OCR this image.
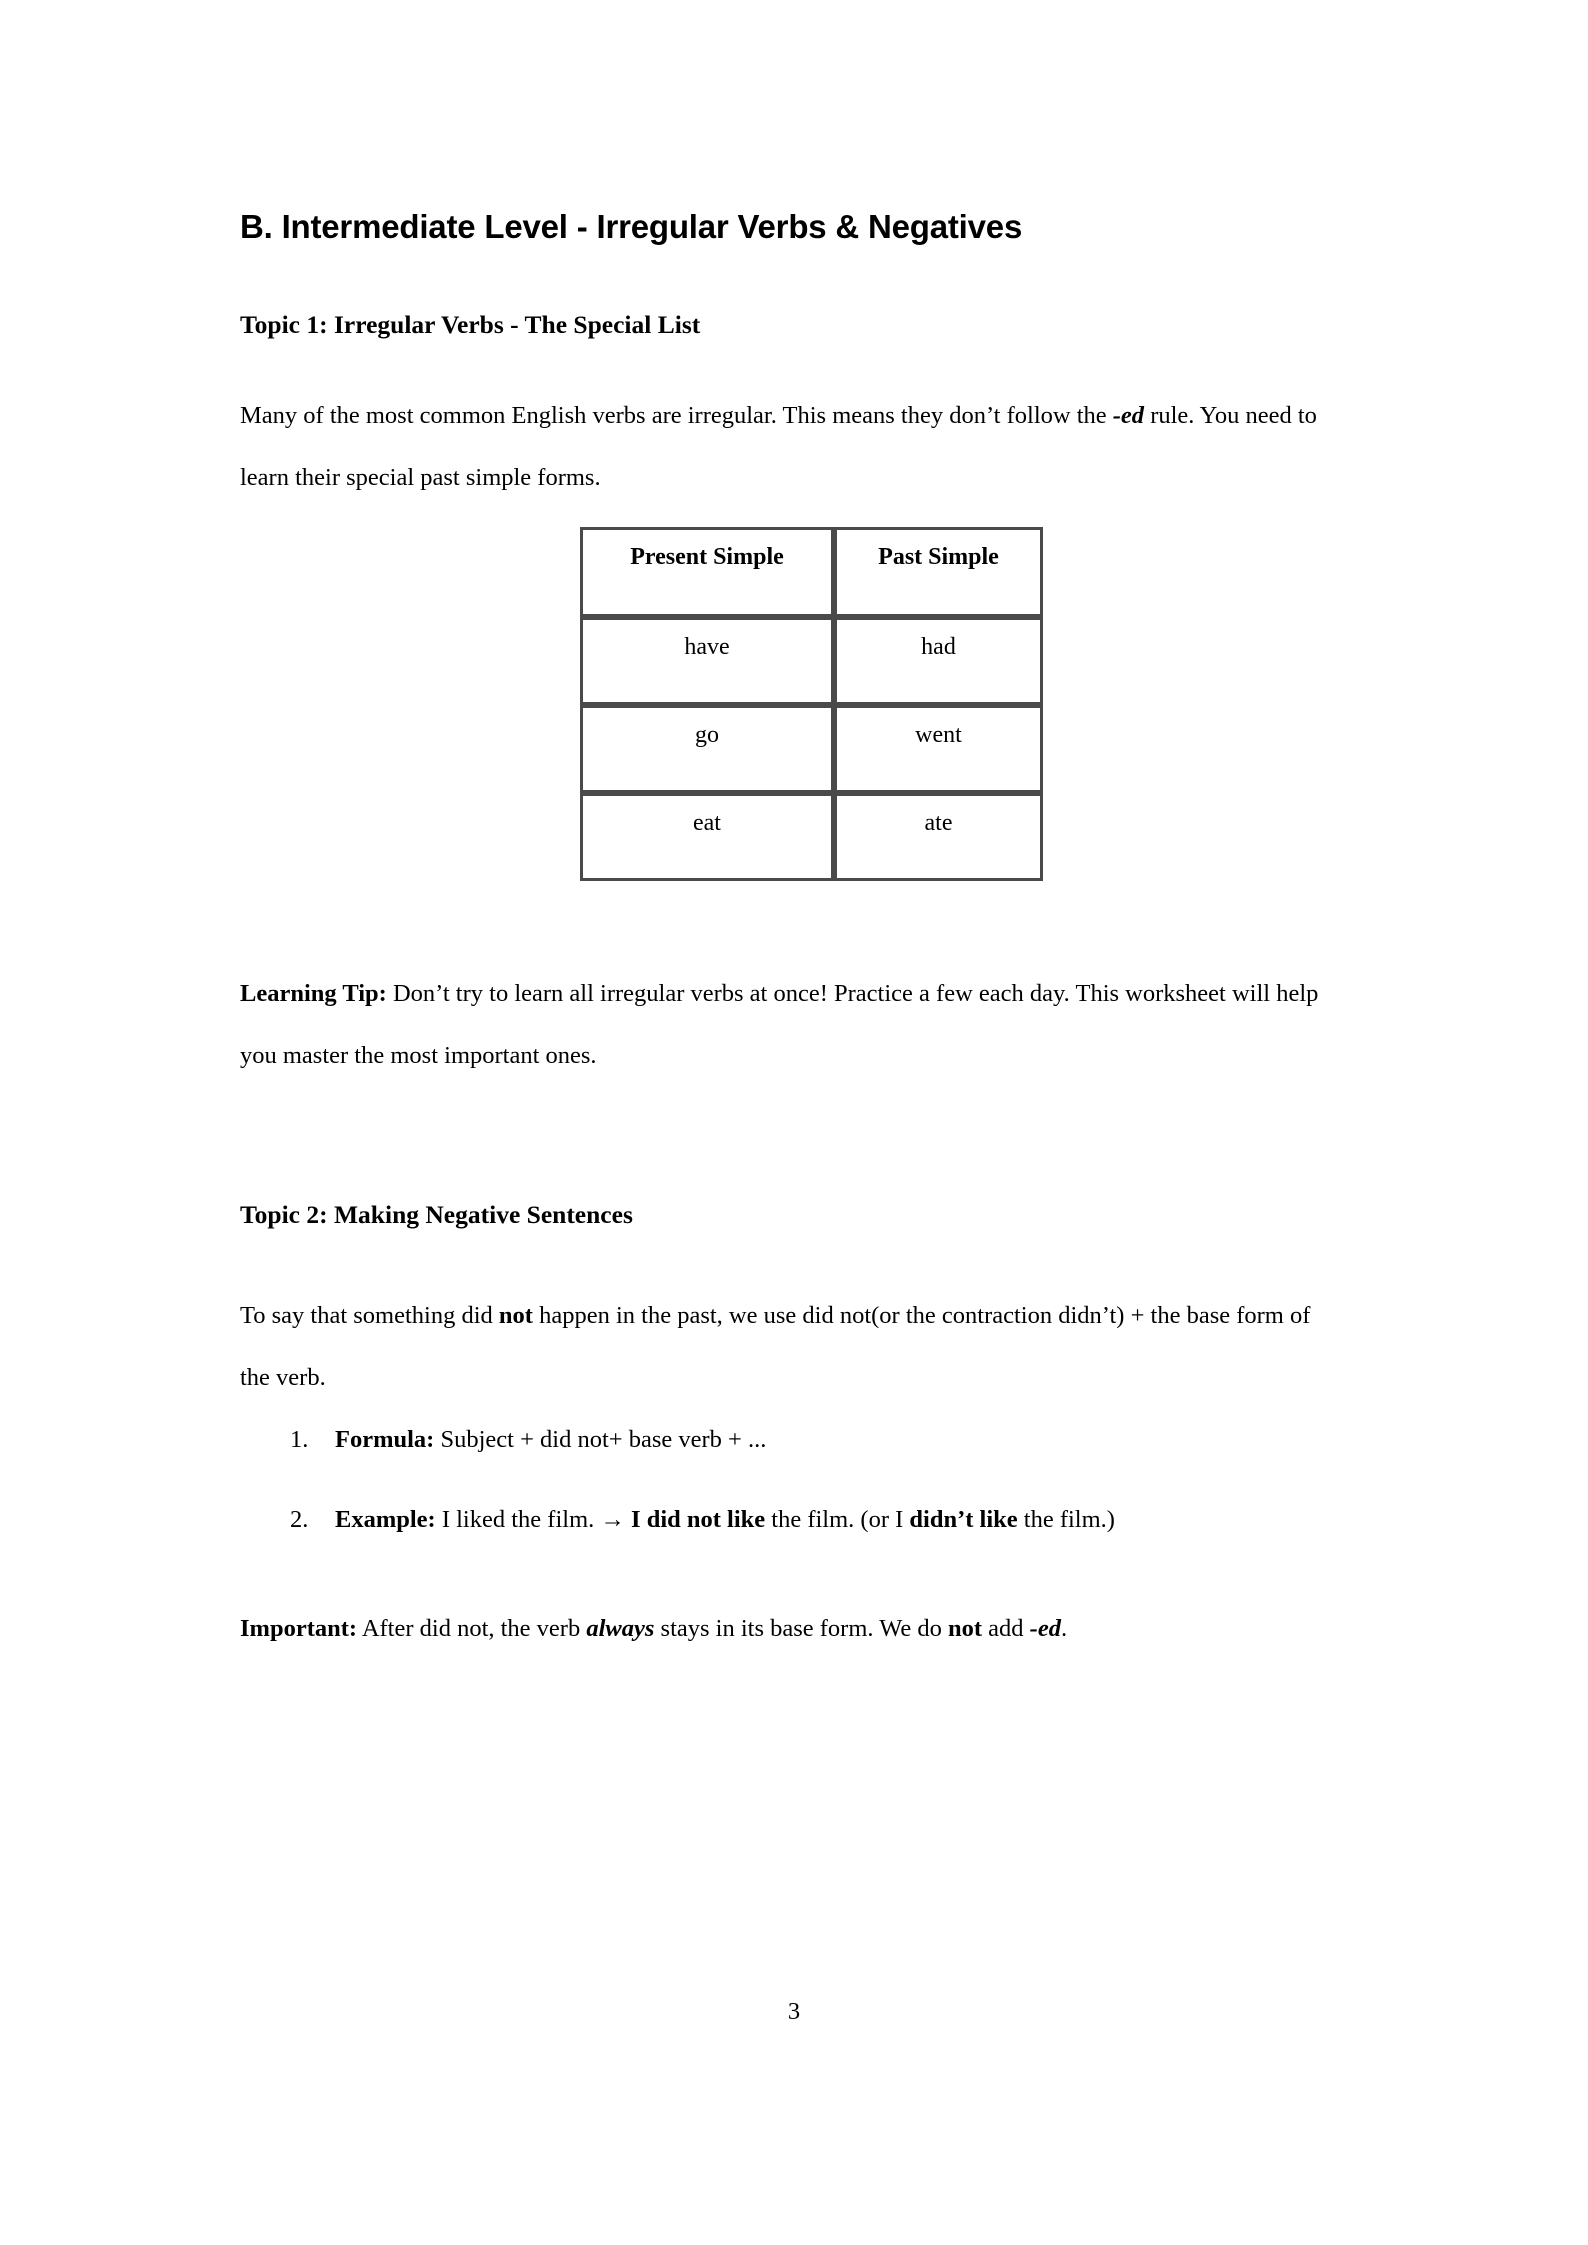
B. Intermediate Level - Irregular Verbs & Negatives
Topic 1: Irregular Verbs - The Special List

Many of the most common English verbs are irregular. This means they don’t follow the -ed rule. You need to learn their special past simple forms.

Present Simple	Past Simple
have	had
go	went
eat	ate

Learning Tip: Don’t try to learn all irregular verbs at once! Practice a few each day. This worksheet will help you master the most important ones.

Topic 2: Making Negative Sentences

To say that something did not happen in the past, we use did not(or the contraction didn’t) + the base form of the verb.

1.	Formula: Subject + did not+ base verb + ...
2.	Example: I liked the film. → I did not like the film. (or I didn’t like the film.)

Important: After did not, the verb always stays in its base form. We do not add -ed.

3
